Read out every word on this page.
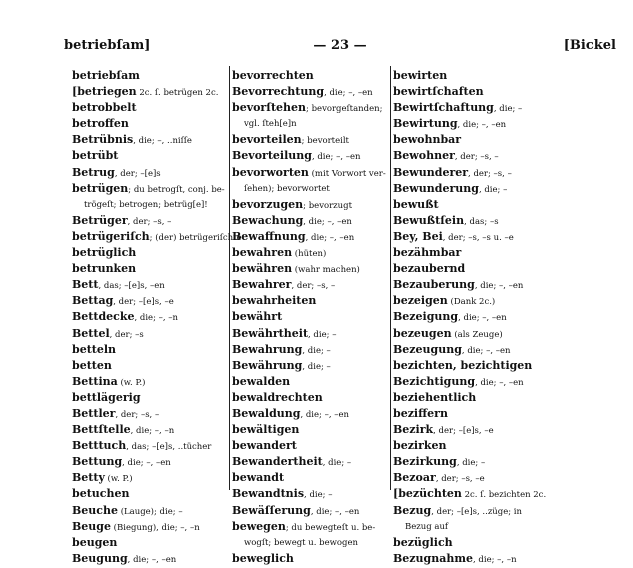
— 23 —
betriebſam]	[Bickel
betriebſam
[betriegen 2c. ſ. betrügen 2c.
betrobbelt
betroffen
Betrübnis, die; –, ..niſſe
betrübt
Betrug, der; –[e]s
betrügen; du betrogſt, conj. be-
trögeſt; betrogen; betrüg[e]!
Betrüger, der; –s, –
betrügeriſch; (der) betrügeriſchte
betrüglich
betrunken
Bett, das; –[e]s, –en
Bettag, der; –[e]s, –e
Bettdecke, die; –, –n
Bettel, der; –s
betteln
betten
Bettina (w. P.)
bettlägerig
Bettler, der; –s, –
Bettſtelle, die; –, –n
Betttuch, das; –[e]s, ..tücher
Bettung, die; –, –en
Betty (w. P.)
betuchen
Beuche (Lauge); die; –
Beuge (Biegung), die; –, –n
beugen
Beugung, die; –, –en
bevorrechten
Bevorrechtung, die; –, –en
bevorſtehen; bevorgeſtanden;
vgl. ſteh[e]n
bevorteilen; bevorteilt
Bevorteilung, die; –, –en
bevorworten (mit Vorwort ver-
ſehen); bevorwortet
bevorzugen; bevorzugt
Bewachung, die; –, –en
Bewaffnung, die; –, –en
bewahren (hüten)
bewähren (wahr machen)
Bewahrer, der; –s, –
bewahrheiten
bewährt
Bewährtheit, die; –
Bewahrung, die; –
Bewährung, die; –
bewalden
bewaldrechten
Bewaldung, die; –, –en
bewältigen
bewandert
Bewandertheit, die; –
bewandt
Bewandtnis, die; –
Bewäſſerung, die; –, –en
bewegen; du bewegteſt u. be-
wogſt; bewegt u. bewogen
beweglich
bewirten
bewirtſchaften
Bewirtſchaftung, die; –
Bewirtung, die; –, –en
bewohnbar
Bewohner, der; –s, –
Bewunderer, der; –s, –
Bewunderung, die; –
bewußt
Bewußtſein, das; –s
Bey, Bei, der; –s, –s u. –e
bezähmbar
bezaubernd
Bezauberung, die; –, –en
bezeigen (Dank 2c.)
Bezeigung, die; –, –en
bezeugen (als Zeuge)
Bezeugung, die; –, –en
bezichten, bezichtigen
Bezichtigung, die; –, –en
beziehentlich
beziffern
Bezirk, der; –[e]s, –e
bezirken
Bezirkung, die; –
Bezoar, der; –s, –e
[bezüchten 2c. ſ. bezichten 2c.
Bezug, der; –[e]s, ..züge; in
Bezug auf
bezüglich
Bezugnahme, die; –, –n
